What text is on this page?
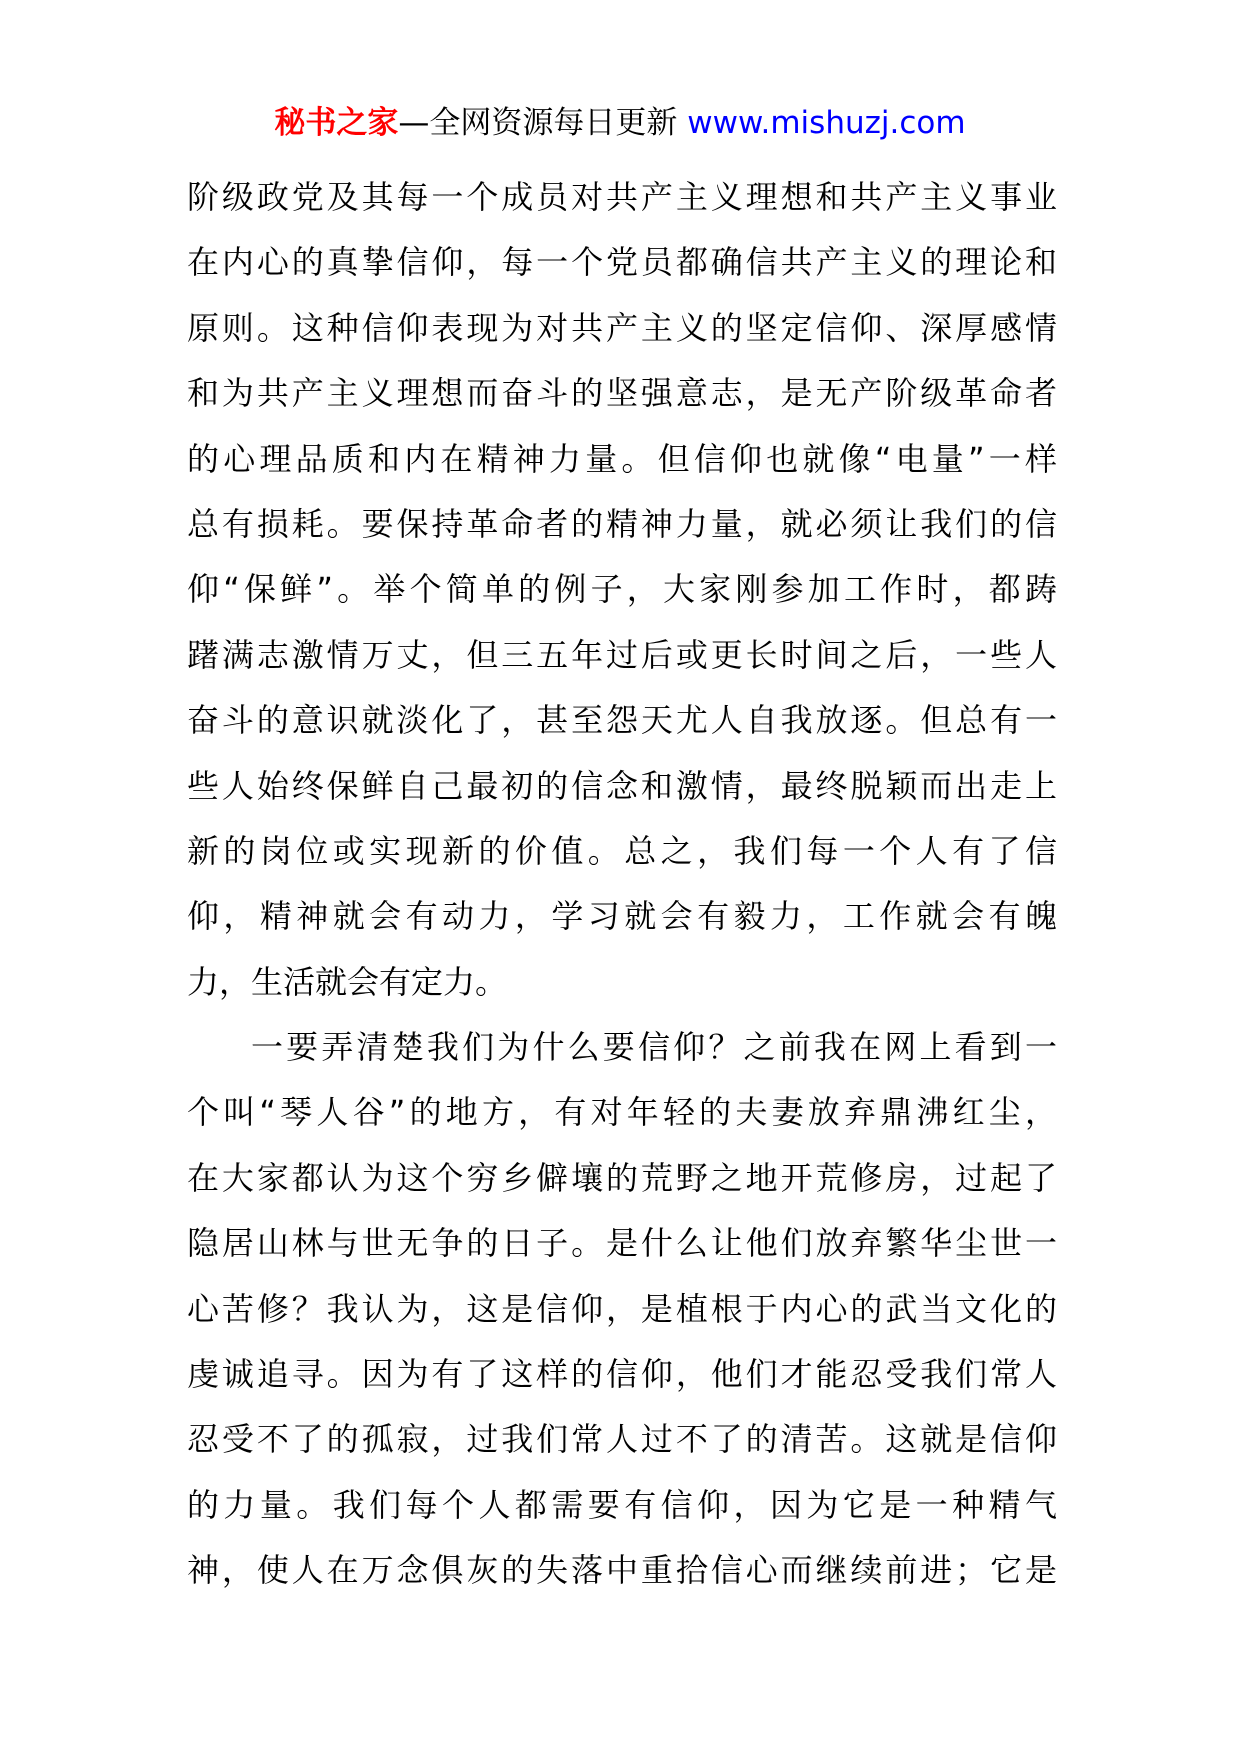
秘书之家—全网资源每日更新 www.mishuzj.com
阶级政党及其每一个成员对共产主义理想和共产主义事业
在内心的真挚信仰，每一个党员都确信共产主义的理论和
原则。这种信仰表现为对共产主义的坚定信仰、深厚感情
和为共产主义理想而奋斗的坚强意志，是无产阶级革命者
的心理品质和内在精神力量。但信仰也就像“电量”一样
总有损耗。要保持革命者的精神力量，就必须让我们的信
仰“保鲜”。举个简单的例子，大家刚参加工作时，都踌
躇满志激情万丈，但三五年过后或更长时间之后，一些人
奋斗的意识就淡化了，甚至怨天尤人自我放逐。但总有一
些人始终保鲜自己最初的信念和激情，最终脱颖而出走上
新的岗位或实现新的价值。总之，我们每一个人有了信
仰，精神就会有动力，学习就会有毅力，工作就会有魄
力，生活就会有定力。
一要弄清楚我们为什么要信仰？之前我在网上看到一
个叫“琴人谷”的地方，有对年轻的夫妻放弃鼎沸红尘，
在大家都认为这个穷乡僻壤的荒野之地开荒修房，过起了
隐居山林与世无争的日子。是什么让他们放弃繁华尘世一
心苦修？我认为，这是信仰，是植根于内心的武当文化的
虔诚追寻。因为有了这样的信仰，他们才能忍受我们常人
忍受不了的孤寂，过我们常人过不了的清苦。这就是信仰
的力量。我们每个人都需要有信仰，因为它是一种精气
神，使人在万念俱灰的失落中重拾信心而继续前进；它是
